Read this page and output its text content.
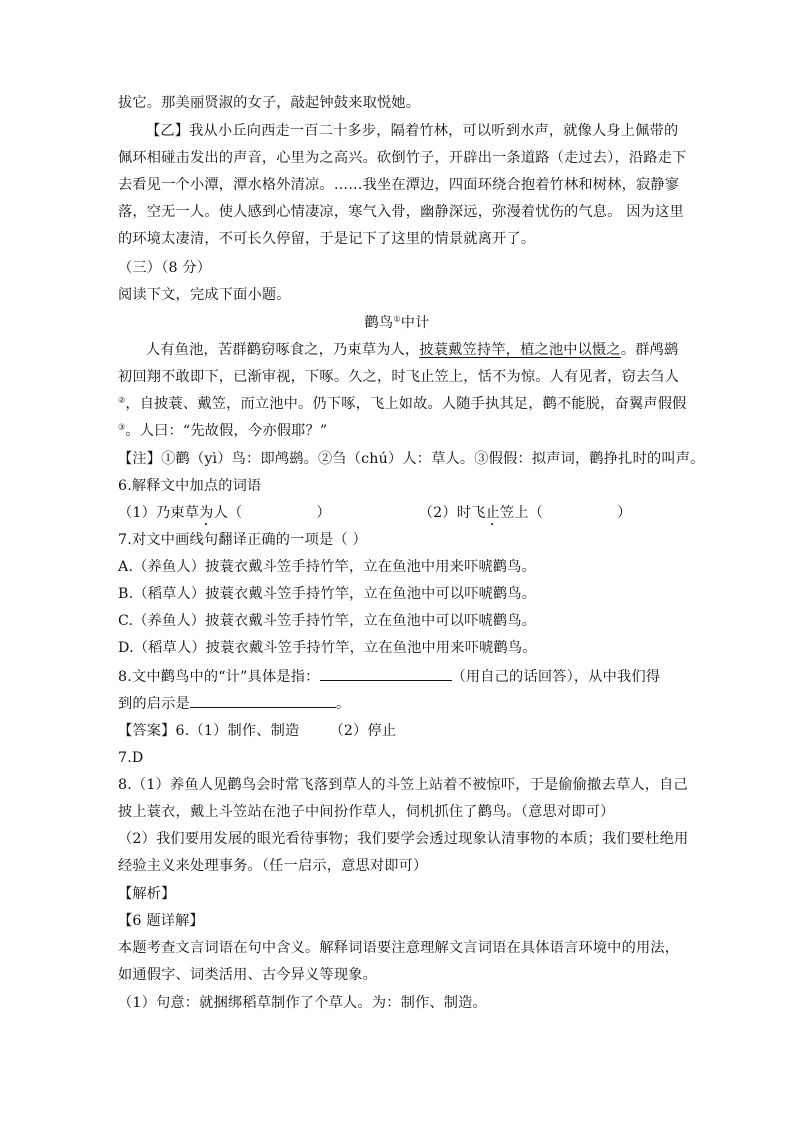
拔它。那美丽贤淑的女子，敲起钟鼓来取悦她。
【乙】我从小丘向西走一百二十多步，隔着竹林，可以听到水声，就像人身上佩带的
佩环相碰击发出的声音，心里为之高兴。砍倒竹子，开辟出一条道路（走过去），沿路走下
去看见一个小潭，潭水格外清凉。……我坐在潭边，四面环绕合抱着竹林和树林，寂静寥
落，空无一人。使人感到心情凄凉，寒气入骨，幽静深远，弥漫着忧伤的气息。 因为这里
的环境太凄清，不可长久停留，于是记下了这里的情景就离开了。
（三）（8 分）
阅读下文，完成下面小题。
鹳鸟①中计
人有鱼池，苦群鹳窃啄食之，乃束草为人，披蓑戴笠持竿，植之池中以慑之。群鸬鹚
初回翔不敢即下，已渐审视，下啄。久之，时飞止笠上，恬不为惊。人有见者，窃去刍人
②，自披蓑、戴笠，而立池中。仍下啄，飞上如故。人随手执其足，鹳不能脱，奋翼声假假
③。人曰：“先故假，今亦假耶？”
【注】①鹳（yì）鸟：即鸬鹚。②刍（chú）人：草人。③假假：拟声词，鹳挣扎时的叫声。
6.解释文中加点的词语
（1）乃束草为人（	）	（2）时飞止笠上（	）
7.对文中画线句翻译正确的一项是（ ）
A.（养鱼人）披蓑衣戴斗笠手持竹竿，立在鱼池中用来吓唬鹳鸟。
B.（稻草人）披蓑衣戴斗笠手持竹竿，立在鱼池中可以吓唬鹳鸟。
C.（养鱼人）披蓑衣戴斗笠手持竹竿，立在鱼池中可以吓唬鹳鸟。
D.（稻草人）披蓑衣戴斗笠手持竹竿，立在鱼池中用来吓唬鹳鸟。
8.文中鹳鸟中的“计”具体是指：	（用自己的话回答），从中我们得
到的启示是	。
【答案】6.（1）制作、制造 （2）停止
7.D
8.（1）养鱼人见鹳鸟会时常飞落到草人的斗笠上站着不被惊吓，于是偷偷撤去草人，自己
披上蓑衣，戴上斗笠站在池子中间扮作草人，伺机抓住了鹳鸟。（意思对即可）
（2）我们要用发展的眼光看待事物；我们要学会透过现象认清事物的本质；我们要杜绝用
经验主义来处理事务。（任一启示，意思对即可）
【解析】
【6 题详解】
本题考查文言词语在句中含义。解释词语要注意理解文言词语在具体语言环境中的用法，
如通假字、词类活用、古今异义等现象。
（1）句意：就捆绑稻草制作了个草人。为：制作、制造。
